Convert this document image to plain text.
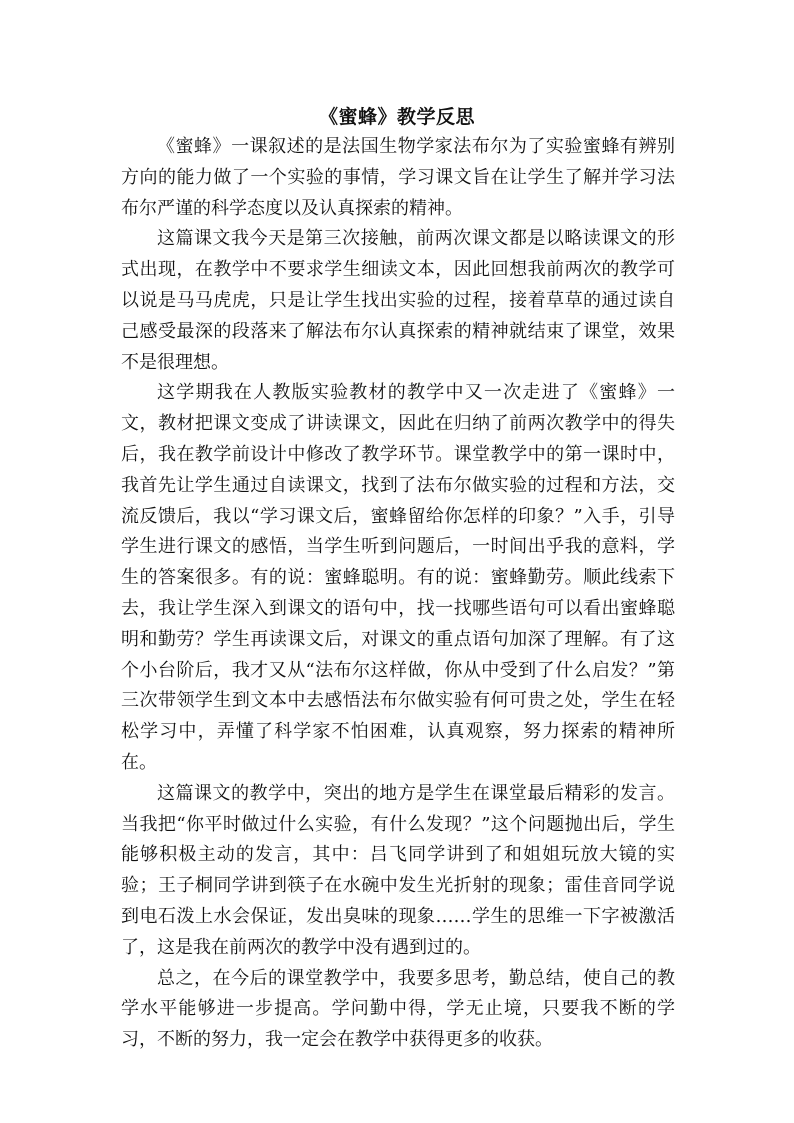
《蜜蜂》教学反思

《蜜蜂》一课叙述的是法国生物学家法布尔为了实验蜜蜂有辨别方向的能力做了一个实验的事情，学习课文旨在让学生了解并学习法布尔严谨的科学态度以及认真探索的精神。

这篇课文我今天是第三次接触，前两次课文都是以略读课文的形式出现，在教学中不要求学生细读文本，因此回想我前两次的教学可以说是马马虎虎，只是让学生找出实验的过程，接着草草的通过读自己感受最深的段落来了解法布尔认真探索的精神就结束了课堂，效果不是很理想。

这学期我在人教版实验教材的教学中又一次走进了《蜜蜂》一文，教材把课文变成了讲读课文，因此在归纳了前两次教学中的得失后，我在教学前设计中修改了教学环节。课堂教学中的第一课时中，我首先让学生通过自读课文，找到了法布尔做实验的过程和方法，交流反馈后，我以“学习课文后，蜜蜂留给你怎样的印象？”入手，引导学生进行课文的感悟，当学生听到问题后，一时间出乎我的意料，学生的答案很多。有的说：蜜蜂聪明。有的说：蜜蜂勤劳。顺此线索下去，我让学生深入到课文的语句中，找一找哪些语句可以看出蜜蜂聪明和勤劳？学生再读课文后，对课文的重点语句加深了理解。有了这个小台阶后，我才又从“法布尔这样做，你从中受到了什么启发？”第三次带领学生到文本中去感悟法布尔做实验有何可贵之处，学生在轻松学习中，弄懂了科学家不怕困难，认真观察，努力探索的精神所在。

这篇课文的教学中，突出的地方是学生在课堂最后精彩的发言。当我把“你平时做过什么实验，有什么发现？”这个问题抛出后，学生能够积极主动的发言，其中：吕飞同学讲到了和姐姐玩放大镜的实验；王子桐同学讲到筷子在水碗中发生光折射的现象；雷佳音同学说到电石泼上水会保证，发出臭味的现象……学生的思维一下字被激活了，这是我在前两次的教学中没有遇到过的。

总之，在今后的课堂教学中，我要多思考，勤总结，使自己的教学水平能够进一步提高。学问勤中得，学无止境，只要我不断的学习，不断的努力，我一定会在教学中获得更多的收获。
